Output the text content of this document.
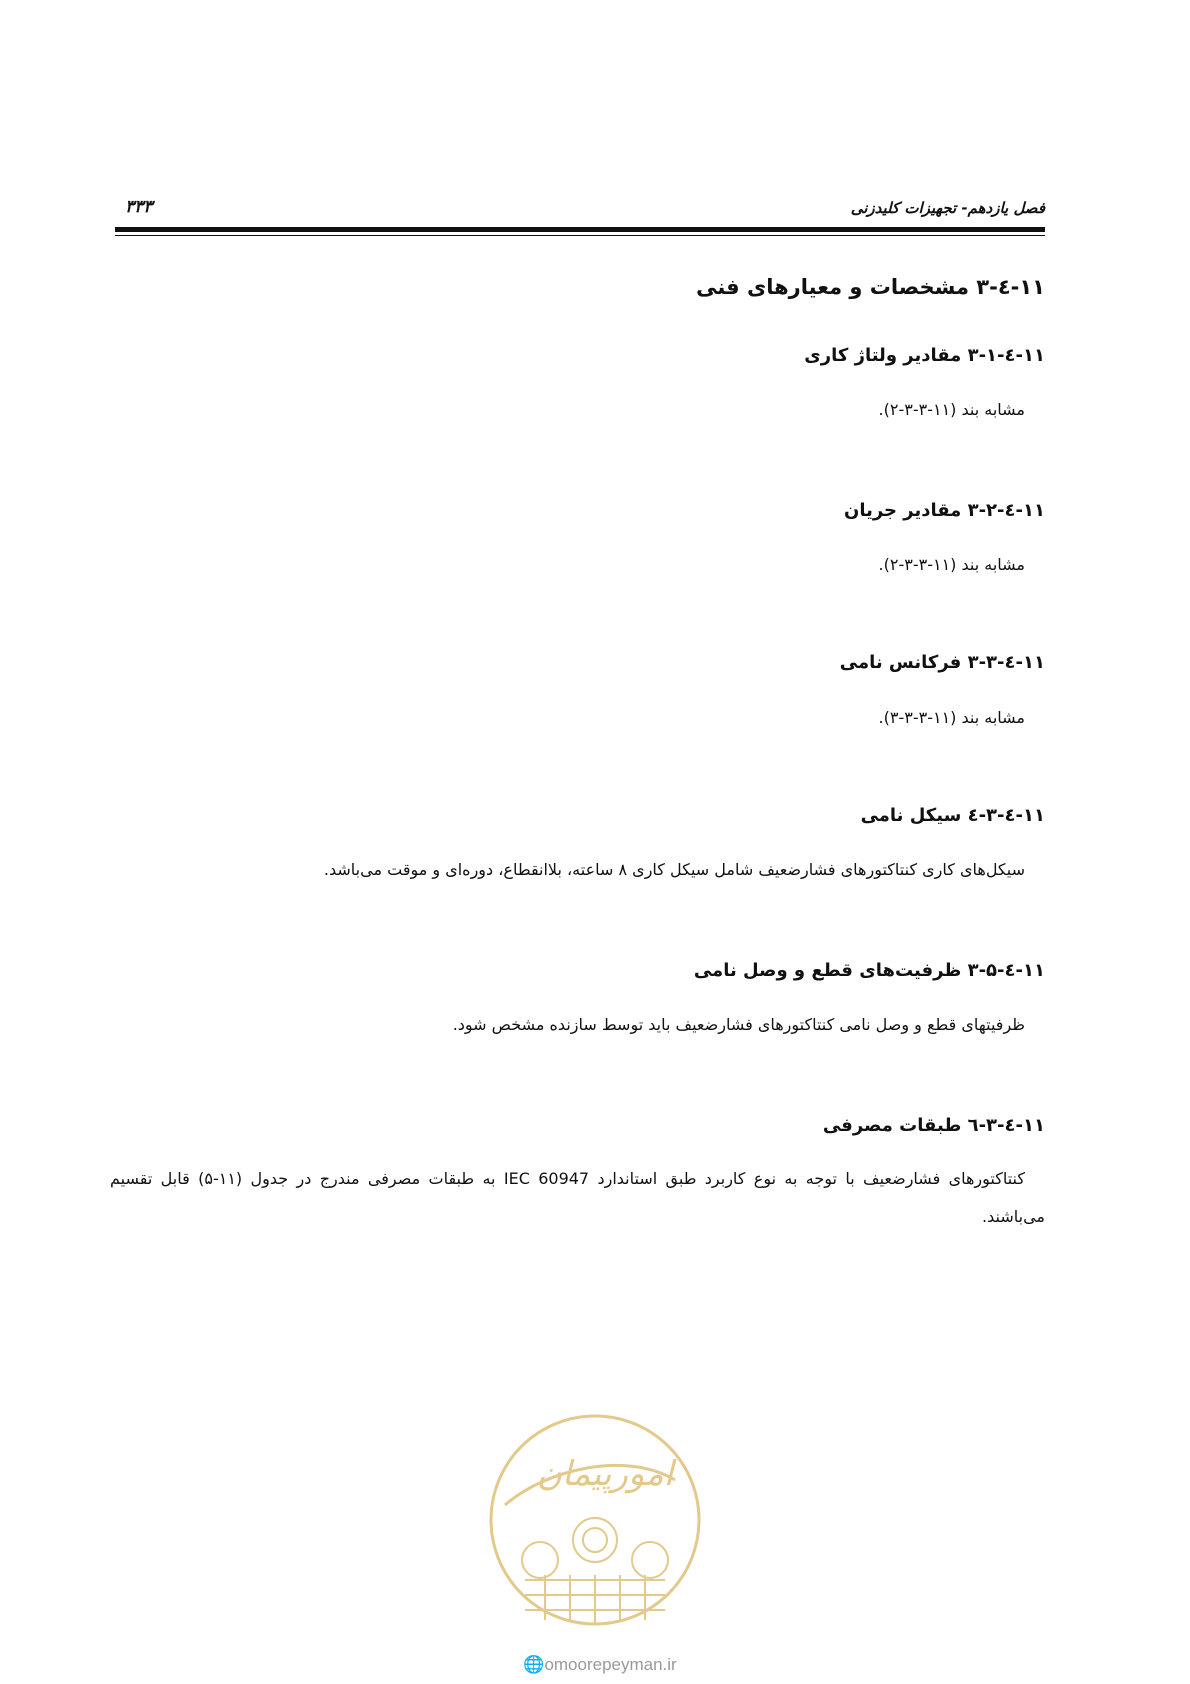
فصل یازدهم- تجهیزات کلیدزنی
۳۳۳
۱۱-٤-۳ مشخصات و معیارهای فنی
۱۱-٤-۳-۱ مقادیر ولتاژ کاری
مشابه بند (۱۱-۳-۳-۲).
۱۱-٤-۳-۲ مقادیر جریان
مشابه بند (۱۱-۳-۳-۲).
۱۱-٤-۳-۳ فرکانس نامی
مشابه بند (۱۱-۳-۳-۳).
۱۱-٤-۳-٤ سیکل نامی
سیکل‌های کاری کنتاکتورهای فشارضعیف شامل سیکل کاری ۸ ساعته، بلاانقطاع، دوره‌ای و موقت می‌باشد.
۱۱-٤-۳-۵ ظرفیت‌های قطع و وصل نامی
ظرفیتهای قطع و وصل نامی کنتاکتورهای فشارضعیف باید توسط سازنده مشخص شود.
۱۱-٤-۳-٦ طبقات مصرفی
کنتاکتورهای فشارضعیف با توجه به نوع کاربرد طبق استاندارد IEC 60947 به طبقات مصرفی مندرج در جدول (۱۱-۵) قابل تقسیم می‌باشند.
امورپیمان
🌐omoorepeyman.ir
